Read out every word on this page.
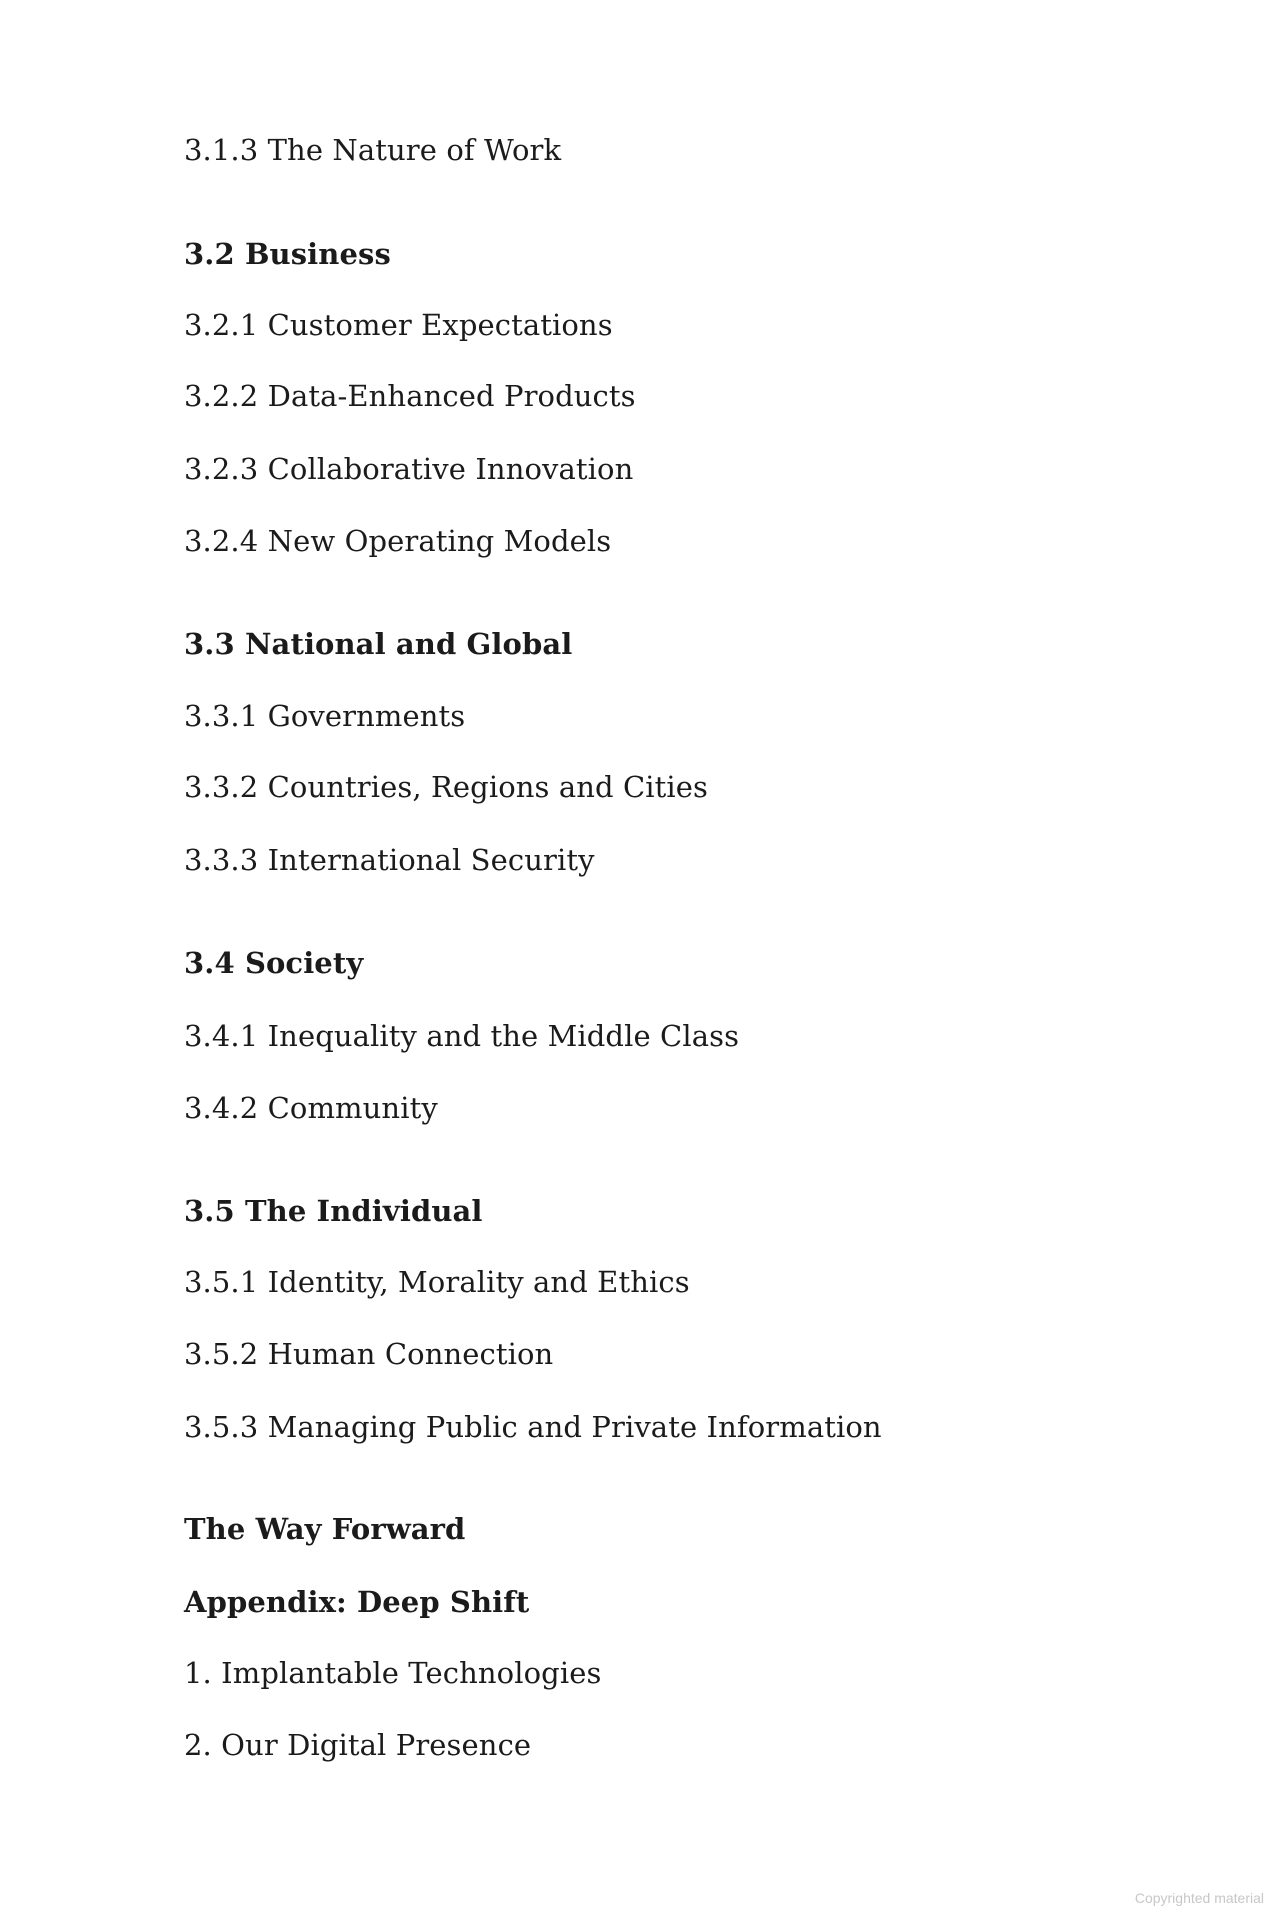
3.1.3 The Nature of Work
3.2 Business
3.2.1 Customer Expectations
3.2.2 Data-Enhanced Products
3.2.3 Collaborative Innovation
3.2.4 New Operating Models
3.3 National and Global
3.3.1 Governments
3.3.2 Countries, Regions and Cities
3.3.3 International Security
3.4 Society
3.4.1 Inequality and the Middle Class
3.4.2 Community
3.5 The Individual
3.5.1 Identity, Morality and Ethics
3.5.2 Human Connection
3.5.3 Managing Public and Private Information
The Way Forward
Appendix: Deep Shift
1. Implantable Technologies
2. Our Digital Presence
Copyrighted material
